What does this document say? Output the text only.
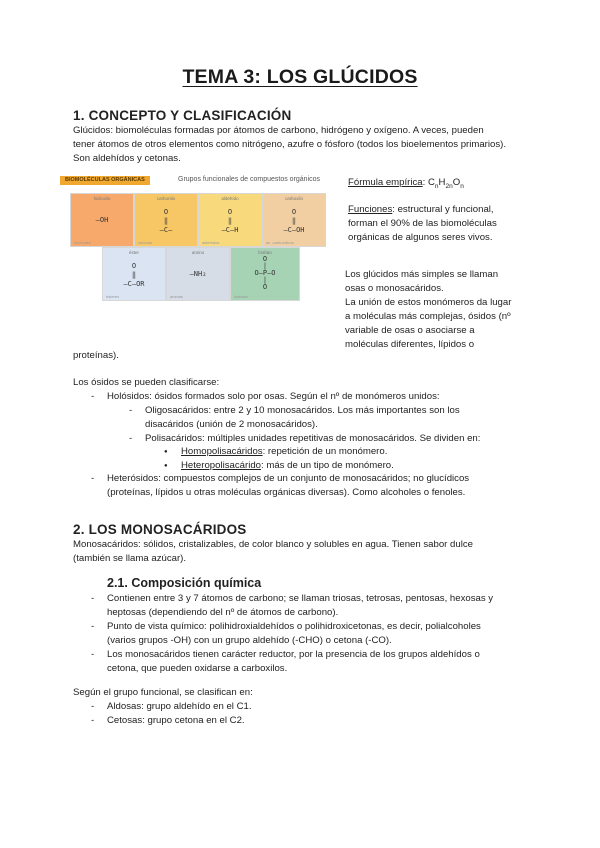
TEMA 3: LOS GLÚCIDOS
1. CONCEPTO Y CLASIFICACIÓN

Glúcidos: biomoléculas formadas por átomos de carbono, hidrógeno y oxígeno. A veces, pueden

tener átomos de otros elementos como nitrógeno, azufre o fósforo (todos los bioelementos primarios).

Son aldehídos y cetonas.

BIOMOLÉCULAS ORGÁNICAS	Grupos funcionales de compuestos orgánicos
hidroxilo
—OH
alcoholes
carbonilo
O
‖
—C—
cetonas
aldehído
O
‖
—C—H
aldehídos
carboxilo
O
‖
—C—OH
ác. carboxílicos
éster
O
‖
—C—OR
ésteres
amino
—NH₂
aminas
fosfato
O
|
O—P—O
|
O
fosfatos

Fórmula empírica: $C_nH_{2n}O_n$

Funciones: estructural y funcional,

forman el 90% de las biomoléculas

orgánicas de algunos seres vivos.

Los glúcidos más simples se llaman

osas o monosacáridos.

La unión de estos monómeros da lugar

a moléculas más complejas, ósidos (nº

variable de osas o asociarse a

moléculas diferentes, lípidos o

proteínas).

Los ósidos se pueden clasificarse:

- Holósidos: ósidos formados solo por osas. Según el nº de monómeros unidos:

- Oligosacáridos: entre 2 y 10 monosacáridos. Los más importantes son los

disacáridos (unión de 2 monosacáridos).

- Polisacáridos: múltiples unidades repetitivas de monosacáridos. Se dividen en:

● Homopolisacáridos: repetición de un monómero.

● Heteropolisacárido: más de un tipo de monómero.

- Heterósidos: compuestos complejos de un conjunto de monosacáridos; no glucídicos

(proteínas, lípidos u otras moléculas orgánicas diversas). Como alcoholes o fenoles.

2. LOS MONOSACÁRIDOS

Monosacáridos: sólidos, cristalizables, de color blanco y solubles en agua. Tienen sabor dulce

(también se llama azúcar).

2.1. Composición química
- Contienen entre 3 y 7 átomos de carbono; se llaman triosas, tetrosas, pentosas, hexosas y

heptosas (dependiendo del nº de átomos de carbono).

- Punto de vista químico: polihidroxialdehídos o polihidroxicetonas, es decir, polialcoholes

(varios grupos -OH) con un grupo aldehído (-CHO) o cetona (-CO).

- Los monosacáridos tienen carácter reductor, por la presencia de los grupos aldehídos o

cetona, que pueden oxidarse a carboxilos.

Según el grupo funcional, se clasifican en:

- Aldosas: grupo aldehído en el C1.

- Cetosas: grupo cetona en el C2.
